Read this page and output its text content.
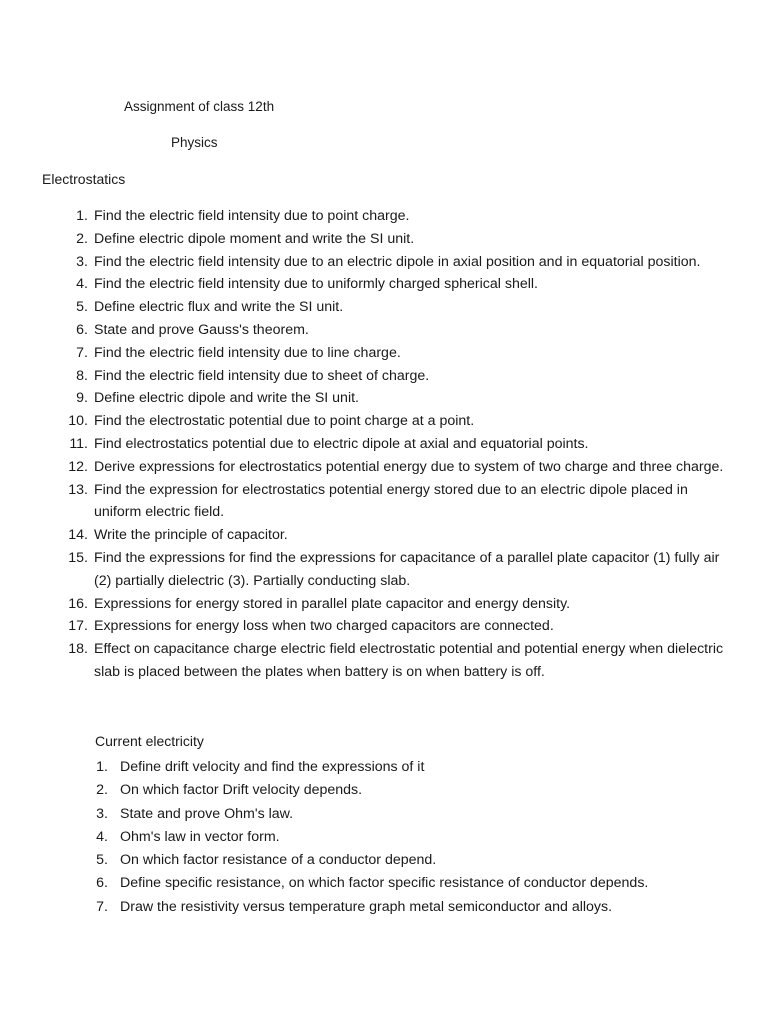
Assignment of class 12th
Physics
Electrostatics
1. Find the electric field intensity due to point charge.
2. Define electric dipole moment and write the SI unit.
3. Find the electric field intensity due to an electric dipole in axial position and in equatorial position.
4. Find the electric field intensity due to uniformly charged spherical shell.
5. Define electric flux and write the SI unit.
6. State and prove Gauss's theorem.
7. Find the electric field intensity due to line charge.
8. Find the electric field intensity due to sheet of charge.
9. Define electric dipole and write the SI unit.
10. Find the electrostatic potential due to point charge at a point.
11. Find electrostatics potential due to electric dipole at axial and equatorial points.
12. Derive expressions for electrostatics potential energy due to system of two charge and three charge.
13. Find the expression for electrostatics potential energy stored due to an electric dipole placed in uniform electric field.
14. Write the principle of capacitor.
15. Find the expressions for find the expressions for capacitance of a parallel plate capacitor (1) fully air (2) partially dielectric (3). Partially conducting slab.
16. Expressions for energy stored in parallel plate capacitor and energy density.
17. Expressions for energy loss when two charged capacitors are connected.
18. Effect on capacitance charge electric field electrostatic potential and potential energy when dielectric slab is placed between the plates when battery is on when battery is off.
Current electricity
1. Define drift velocity and find the expressions of it
2. On which factor Drift velocity depends.
3. State and prove Ohm's law.
4. Ohm's law in vector form.
5. On which factor resistance of a conductor depend.
6. Define specific resistance, on which factor specific resistance of conductor depends.
7. Draw the resistivity versus temperature graph metal semiconductor and alloys.
